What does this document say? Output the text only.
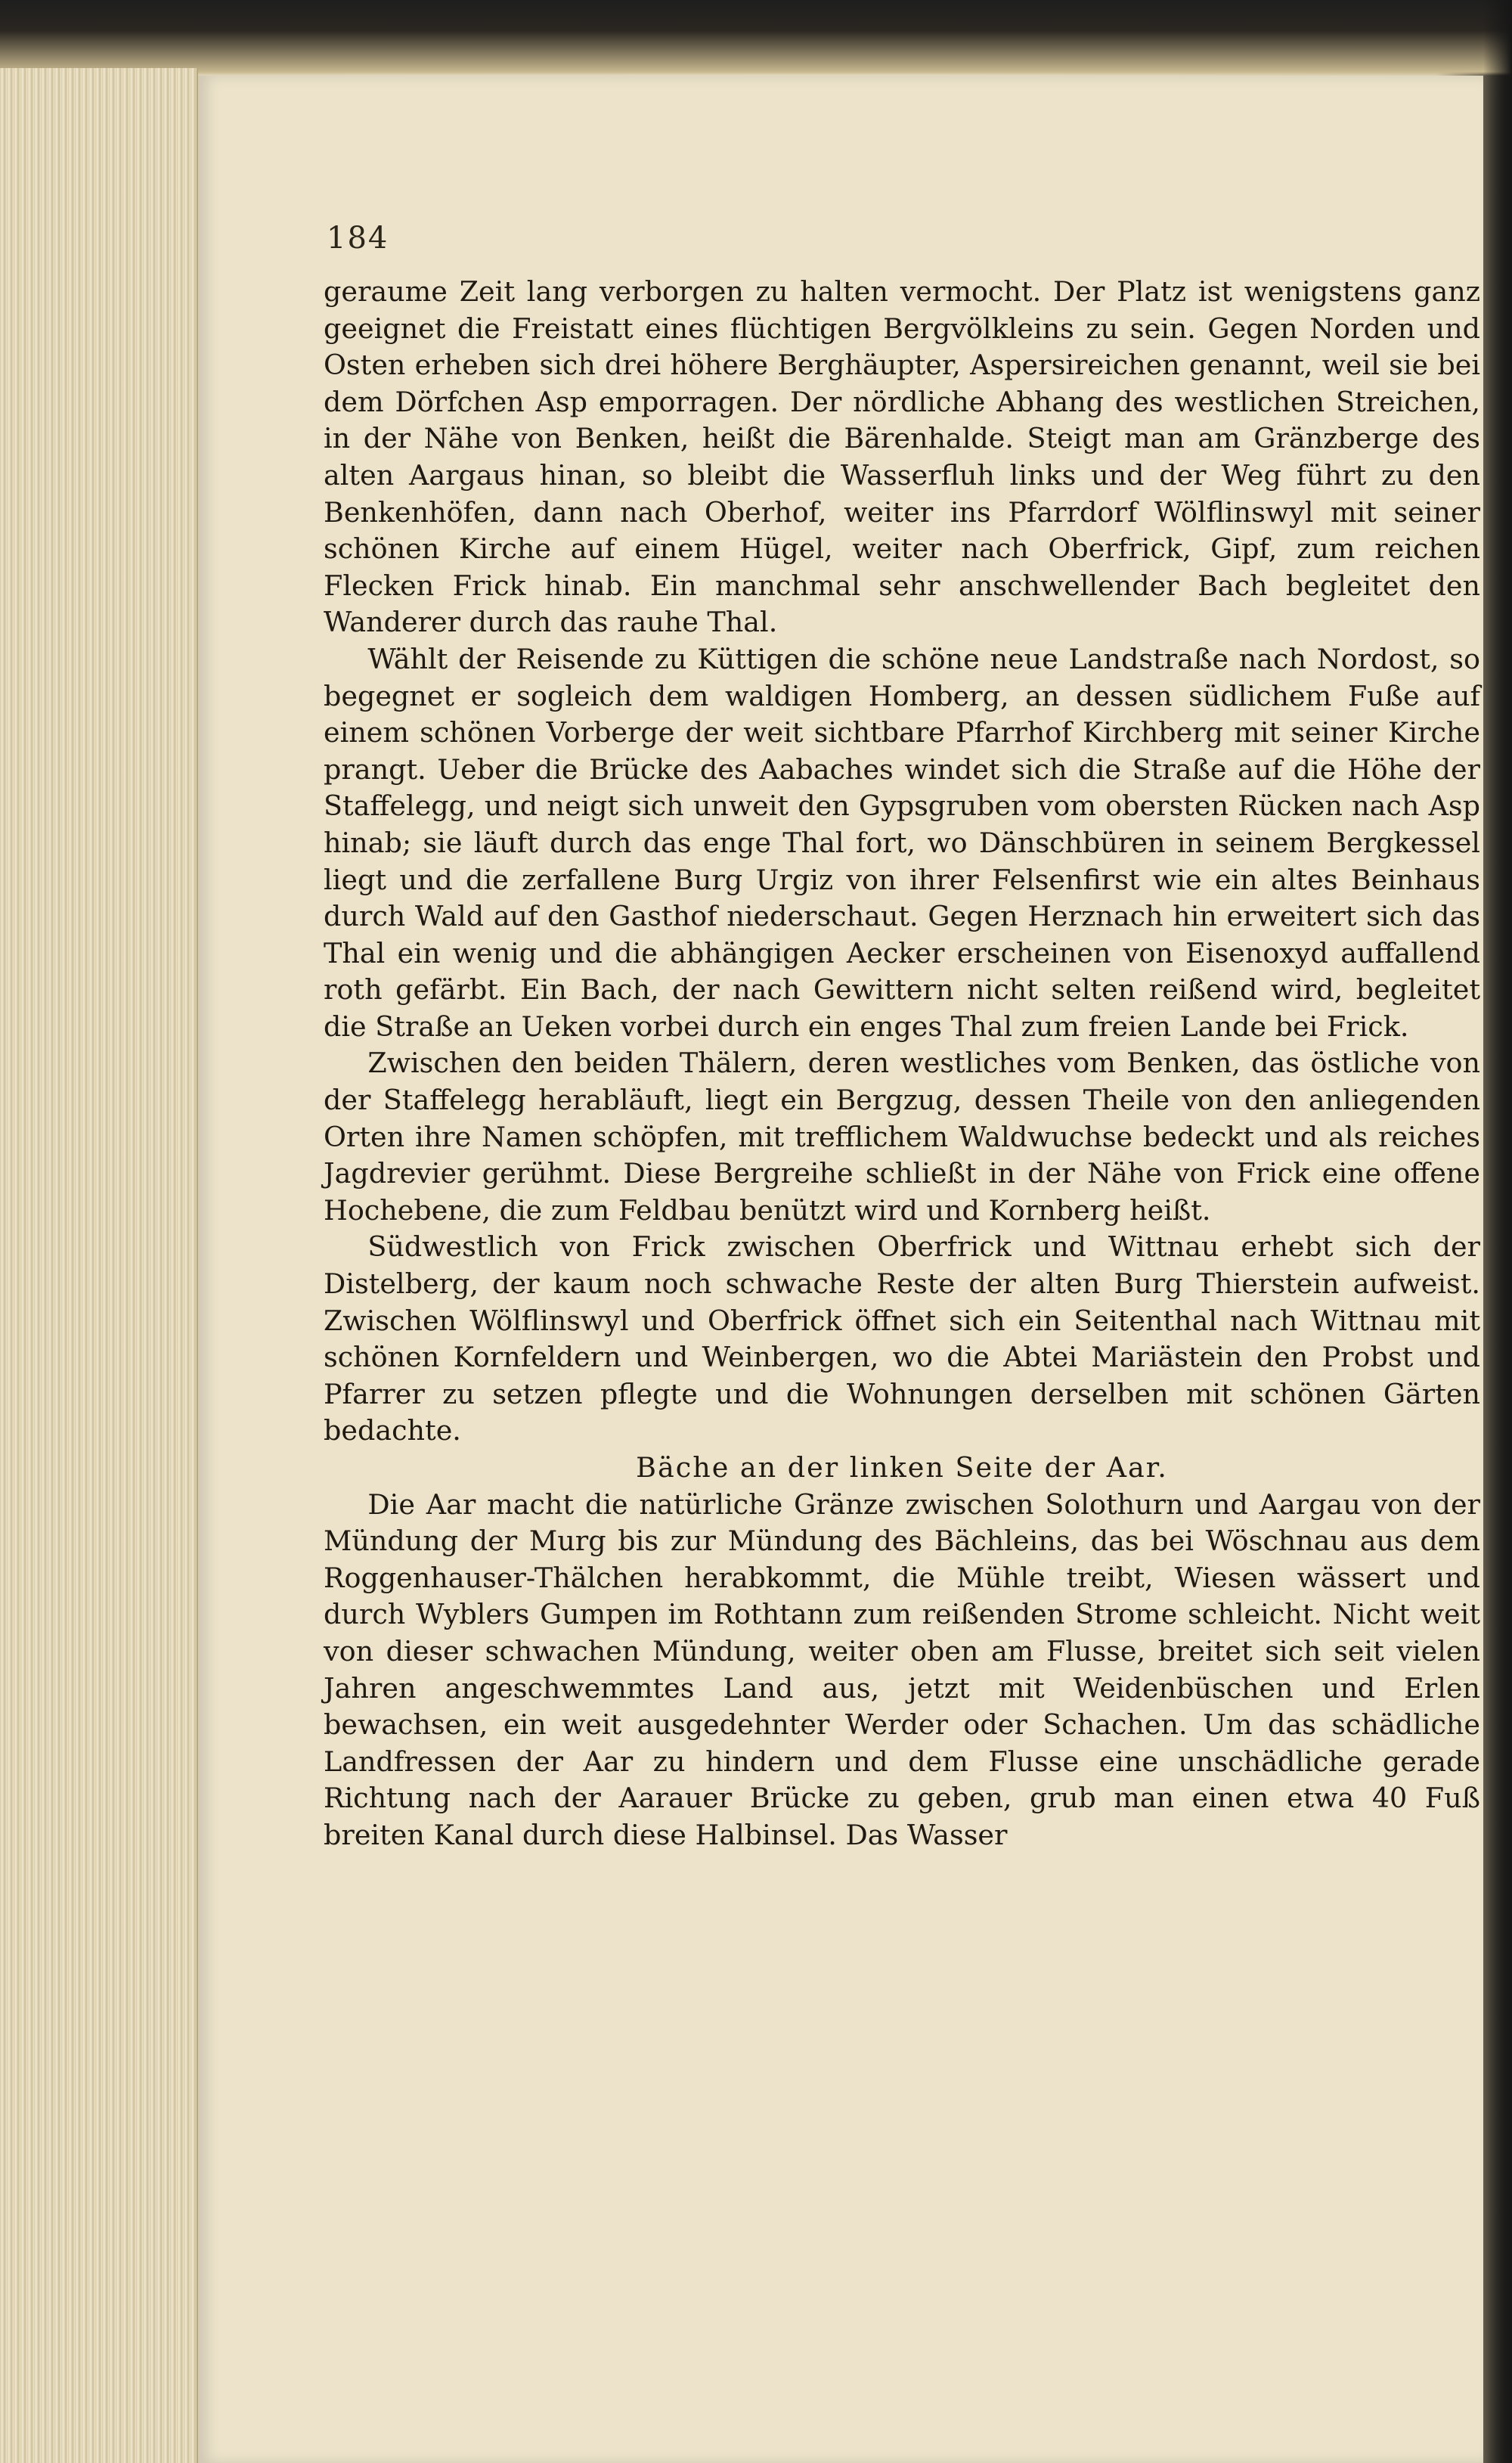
184

geraume Zeit lang verborgen zu halten vermocht. Der Platz ist wenigstens ganz geeignet die Freistatt eines flüchtigen Bergvölkleins zu sein. Gegen Norden und Osten erheben sich drei höhere Berghäupter, Aspersireichen genannt, weil sie bei dem Dörfchen Asp emporragen. Der nördliche Abhang des westlichen Streichen, in der Nähe von Benken, heißt die Bärenhalde. Steigt man am Gränzberge des alten Aargaus hinan, so bleibt die Wasserfluh links und der Weg führt zu den Benkenhöfen, dann nach Oberhof, weiter ins Pfarrdorf Wölflinswyl mit seiner schönen Kirche auf einem Hügel, weiter nach Oberfrick, Gipf, zum reichen Flecken Frick hinab. Ein manchmal sehr anschwellender Bach begleitet den Wanderer durch das rauhe Thal.

Wählt der Reisende zu Küttigen die schöne neue Landstraße nach Nordost, so begegnet er sogleich dem waldigen Homberg, an dessen südlichem Fuße auf einem schönen Vorberge der weit sichtbare Pfarrhof Kirchberg mit seiner Kirche prangt. Ueber die Brücke des Aabaches windet sich die Straße auf die Höhe der Staffelegg, und neigt sich unweit den Gypsgruben vom obersten Rücken nach Asp hinab; sie läuft durch das enge Thal fort, wo Dänschbüren in seinem Bergkessel liegt und die zerfallene Burg Urgiz von ihrer Felsenfirst wie ein altes Beinhaus durch Wald auf den Gasthof niederschaut. Gegen Herznach hin erweitert sich das Thal ein wenig und die abhängigen Aecker erscheinen von Eisenoxyd auffallend roth gefärbt. Ein Bach, der nach Gewittern nicht selten reißend wird, begleitet die Straße an Ueken vorbei durch ein enges Thal zum freien Lande bei Frick.

Zwischen den beiden Thälern, deren westliches vom Benken, das östliche von der Staffelegg herabläuft, liegt ein Bergzug, dessen Theile von den anliegenden Orten ihre Namen schöpfen, mit trefflichem Waldwuchse bedeckt und als reiches Jagdrevier gerühmt. Diese Bergreihe schließt in der Nähe von Frick eine offene Hochebene, die zum Feldbau benützt wird und Kornberg heißt.

Südwestlich von Frick zwischen Oberfrick und Wittnau erhebt sich der Distelberg, der kaum noch schwache Reste der alten Burg Thierstein aufweist. Zwischen Wölflinswyl und Oberfrick öffnet sich ein Seitenthal nach Wittnau mit schönen Kornfeldern und Weinbergen, wo die Abtei Mariästein den Probst und Pfarrer zu setzen pflegte und die Wohnungen derselben mit schönen Gärten bedachte.

Bäche an der linken Seite der Aar.

Die Aar macht die natürliche Gränze zwischen Solothurn und Aargau von der Mündung der Murg bis zur Mündung des Bächleins, das bei Wöschnau aus dem Roggenhauser-Thälchen herabkommt, die Mühle treibt, Wiesen wässert und durch Wyblers Gumpen im Rothtann zum reißenden Strome schleicht. Nicht weit von dieser schwachen Mündung, weiter oben am Flusse, breitet sich seit vielen Jahren angeschwemmtes Land aus, jetzt mit Weidenbüschen und Erlen bewachsen, ein weit ausgedehnter Werder oder Schachen. Um das schädliche Landfressen der Aar zu hindern und dem Flusse eine unschädliche gerade Richtung nach der Aarauer Brücke zu geben, grub man einen etwa 40 Fuß breiten Kanal durch diese Halbinsel. Das Wasser
